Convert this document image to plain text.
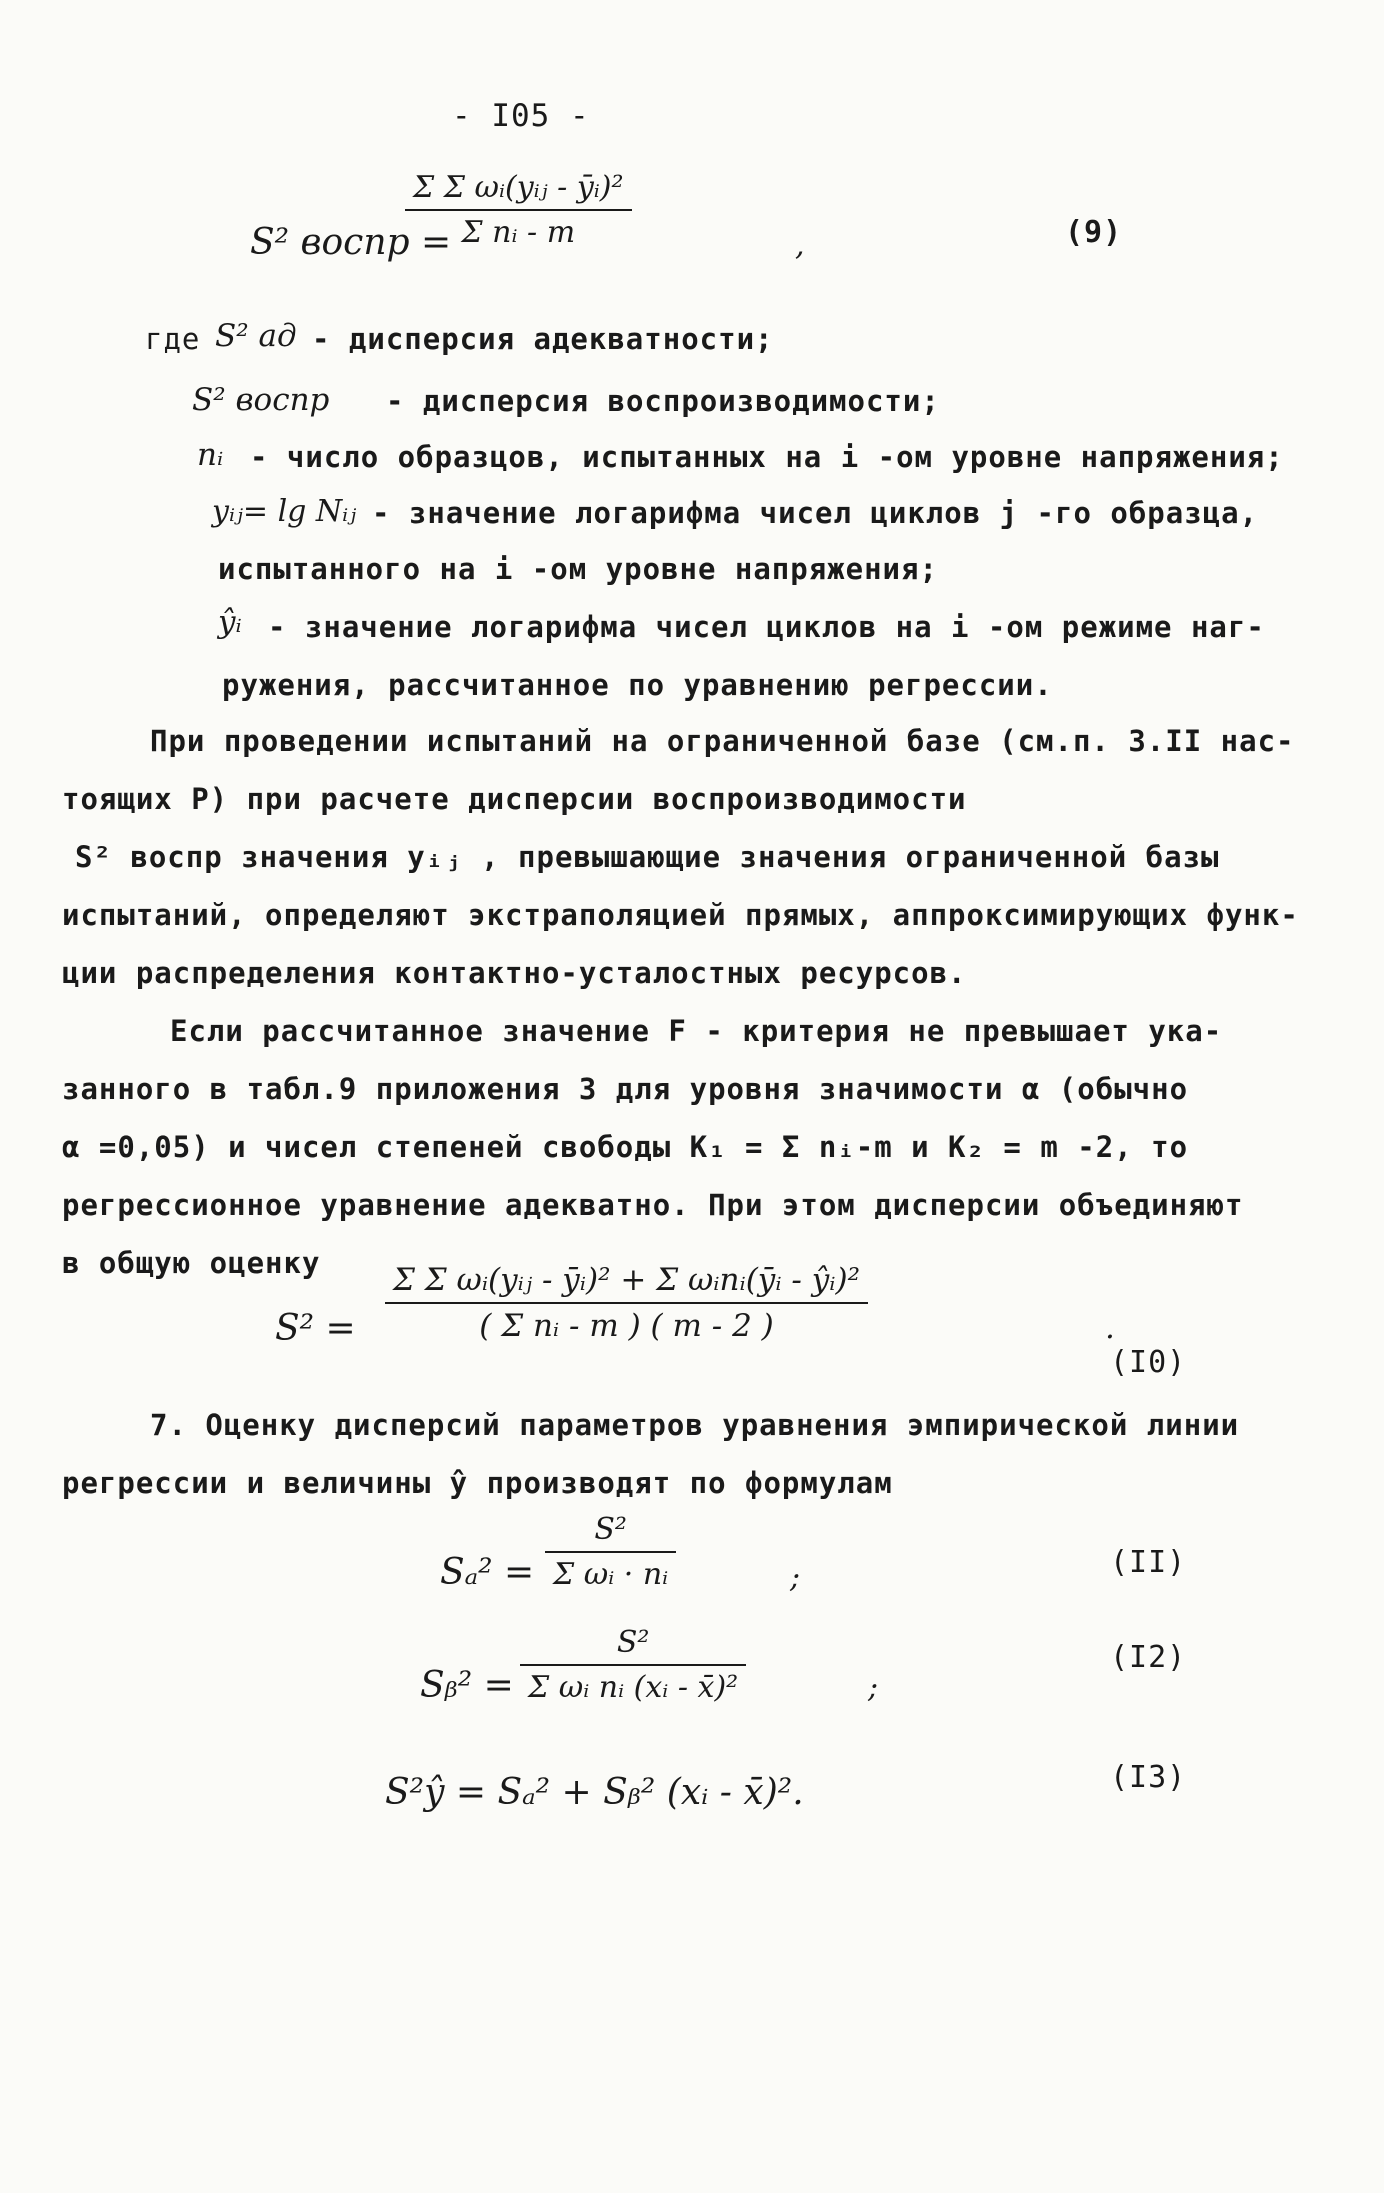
- I05 -
S² воспр =
Σ Σ ωᵢ(yᵢⱼ - ȳᵢ)²
Σ nᵢ - m	,	(9)
где S² ад - дисперсия адекватности;
S² воспр - дисперсия воспроизводимости;
nᵢ - число образцов, испытанных на i -ом уровне напряжения;
yᵢⱼ= lg Nᵢⱼ - значение логарифма чисел циклов j -го образца,
испытанного на i -ом уровне напряжения;
ŷᵢ - значение логарифма чисел циклов на i -ом режиме наг-
ружения, рассчитанное по уравнению регрессии.
При проведении испытаний на ограниченной базе (см.п. 3.II нас-
тоящих Р) при расчете дисперсии воспроизводимости
S² воспр значения yᵢⱼ , превышающие значения ограниченной базы
испытаний, определяют экстраполяцией прямых, аппроксимирующих функ-
ции распределения контактно-усталостных ресурсов.
Если рассчитанное значение F - критерия не превышает ука-
занного в табл.9 приложения 3 для уровня значимости α (обычно
α =0,05) и чисел степеней свободы K₁ = Σ nᵢ-m и K₂ = m -2, то
регрессионное уравнение адекватно. При этом дисперсии объединяют
в общую оценку
S² =
Σ Σ ωᵢ(yᵢⱼ - ȳᵢ)² + Σ ωᵢnᵢ(ȳᵢ - ŷᵢ)²
( Σ nᵢ - m ) ( m - 2 )	.
(I0)
7. Оценку дисперсий параметров уравнения эмпирической линии
регрессии и величины ŷ производят по формулам
$S_a^2 = \frac{\text{S²}}{\text{Σ ωᵢ · nᵢ}}$	;	(II)
Sᵦ² = $\frac{\text{S²}}{\text{Σ ωᵢ nᵢ (xᵢ - x̄)²}}$	;
(I2)
S²ŷ = Sₐ² + Sᵦ² (xᵢ - x̄)².	(I3)
